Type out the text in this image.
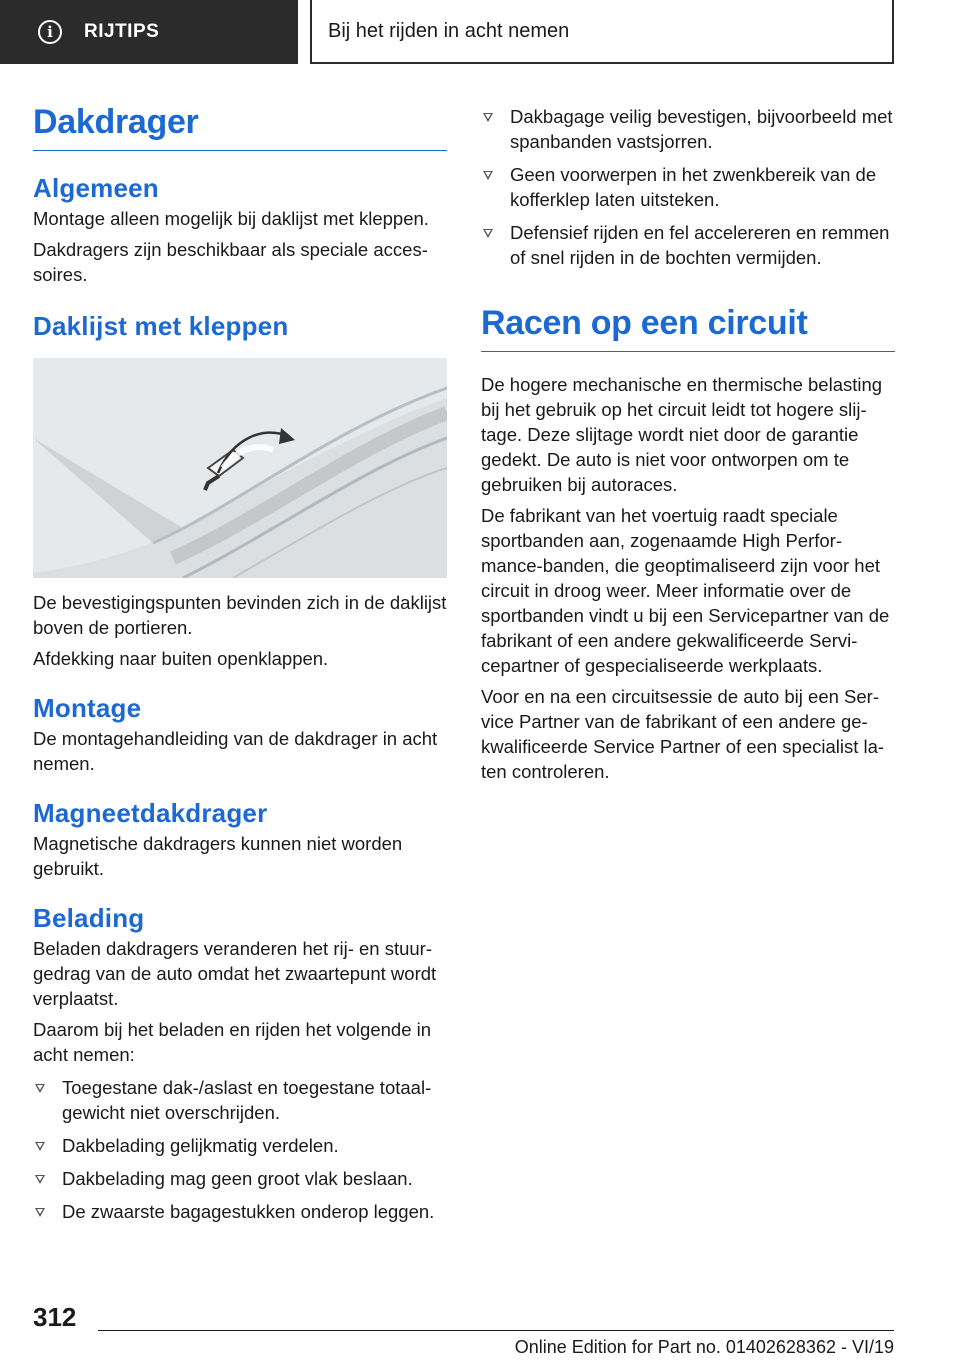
i	RIJTIPS	Bij het rijden in acht nemen
Dakdrager
Algemeen

Montage alleen mogelijk bij daklijst met kleppen.

Dakdragers zijn beschikbaar als speciale accessoires.

Daklijst met kleppen

De bevestigingspunten bevinden zich in de daklijst boven de portieren.

Afdekking naar buiten openklappen.

Montage

De montagehandleiding van de dakdrager in acht nemen.

Magneetdakdrager

Magnetische dakdragers kunnen niet worden gebruikt.

Belading

Beladen dakdragers veranderen het rij- en stuurgedrag van de auto omdat het zwaartepunt wordt verplaatst.

Daarom bij het beladen en rijden het volgende in acht nemen:

Toegestane dak-/aslast en toegestane totaalgewicht niet overschrijden.
Dakbelading gelijkmatig verdelen.
Dakbelading mag geen groot vlak beslaan.
De zwaarste bagagestukken onderop leggen.
Dakbagage veilig bevestigen, bijvoorbeeld met spanbanden vastsjorren.
Geen voorwerpen in het zwenkbereik van de kofferklep laten uitsteken.
Defensief rijden en fel accelereren en remmen of snel rijden in de bochten vermijden.
Racen op een circuit

De hogere mechanische en thermische belasting bij het gebruik op het circuit leidt tot hogere slijtage. Deze slijtage wordt niet door de garantie gedekt. De auto is niet voor ontworpen om te gebruiken bij autoraces.

De fabrikant van het voertuig raadt speciale sportbanden aan, zogenaamde High Performance-banden, die geoptimaliseerd zijn voor het circuit in droog weer. Meer informatie over de sportbanden vindt u bij een Servicepartner van de fabrikant of een andere gekwalificeerde Servicepartner of gespecialiseerde werkplaats.

Voor en na een circuitsessie de auto bij een Service Partner van de fabrikant of een andere gekwalificeerde Service Partner of een specialist laten controleren.

312
Online Edition for Part no. 01402628362 - VI/19
